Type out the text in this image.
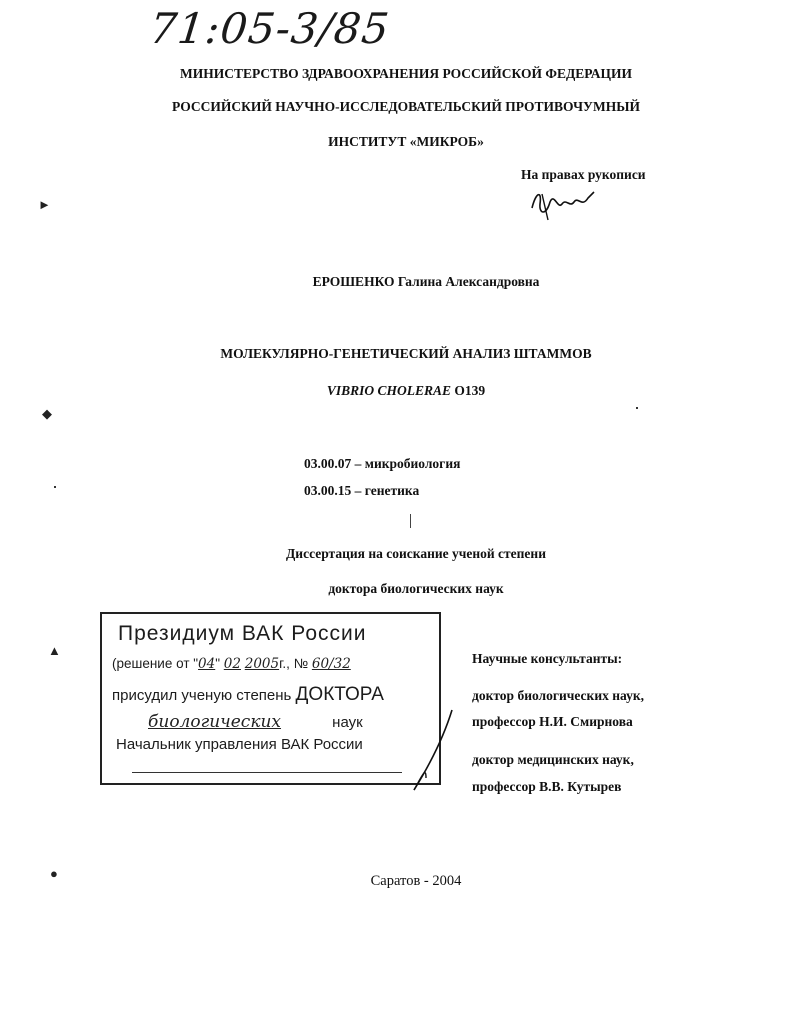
71:05-3/85
МИНИСТЕРСТВО ЗДРАВООХРАНЕНИЯ РОССИЙСКОЙ ФЕДЕРАЦИИ
РОССИЙСКИЙ НАУЧНО-ИССЛЕДОВАТЕЛЬСКИЙ ПРОТИВОЧУМНЫЙ
ИНСТИТУТ «МИКРОБ»
На правах рукописи
ЕРОШЕНКО Галина Александровна
МОЛЕКУЛЯРНО-ГЕНЕТИЧЕСКИЙ АНАЛИЗ ШТАММОВ
VIBRIO CHOLERAE O139
03.00.07 – микробиология
03.00.15 – генетика
Диссертация на соискание ученой степени
доктора биологических наук
Президиум ВАК России
(решение от "04" 02 2005г., № 60/32
присудил ученую степень ДОКТОРА
биологических	наук
Начальник управления ВАК России
Научные консультанты:
доктор биологических наук,
профессор Н.И. Смирнова
доктор медицинских наук,
профессор В.В. Кутырев
Саратов - 2004
►
◆
▲
●
